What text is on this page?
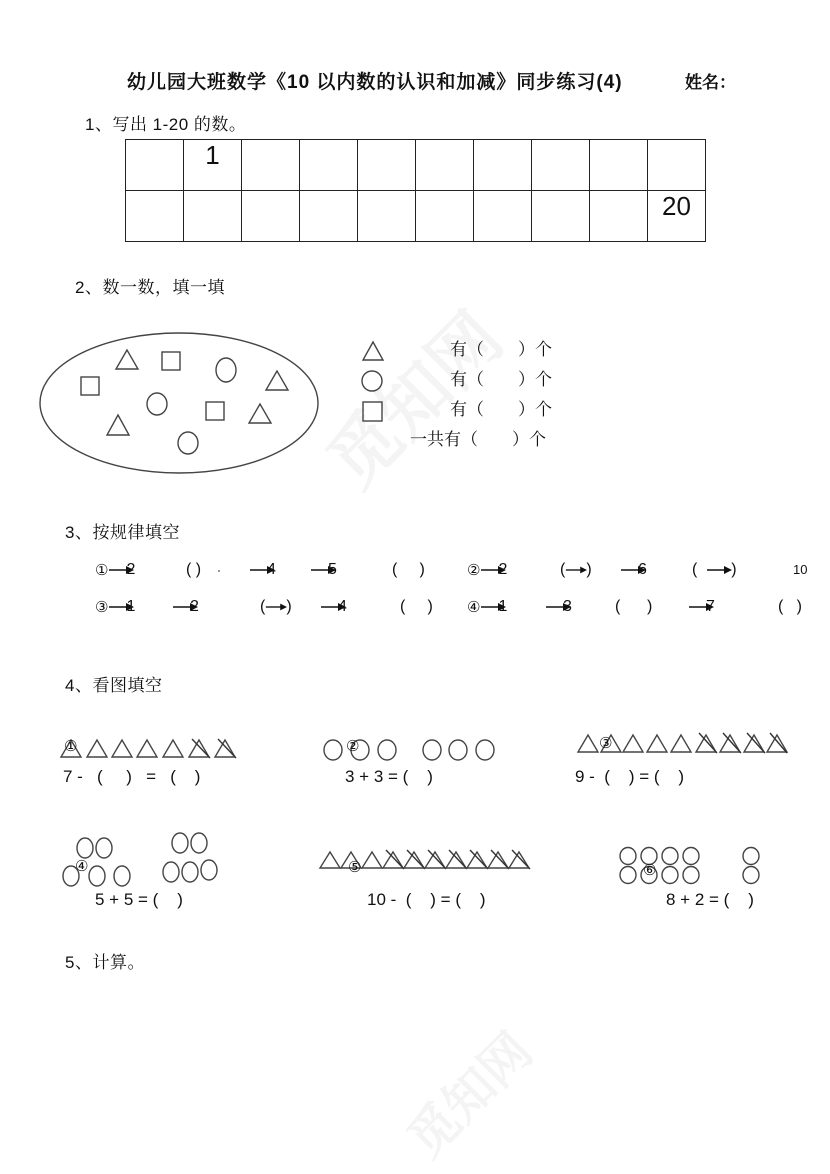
幼儿园大班数学《10 以内数的认识和加减》同步练习(4)	姓名：
1、写出 1-20 的数。
	1								
									20
2、数一数，填一填
有（　　）个
有（　　）个
有（　　）个
一共有（　　）个
3、按规律填空
① 2	( )	4	5	(     )	② 2	( )	6	( )	10
③ 1	2	( )	4	(     ) ④ 1	3	(      )	7	(   )
4、看图填空
①
7 -   (     )   =   (    )
②
3 + 3 = (    )
③
9 -  (    ) = (    )
④
5 + 5 = (    )
⑤
10 -  (    ) = (    )
⑥
8 + 2 = (    )
5、计算。
